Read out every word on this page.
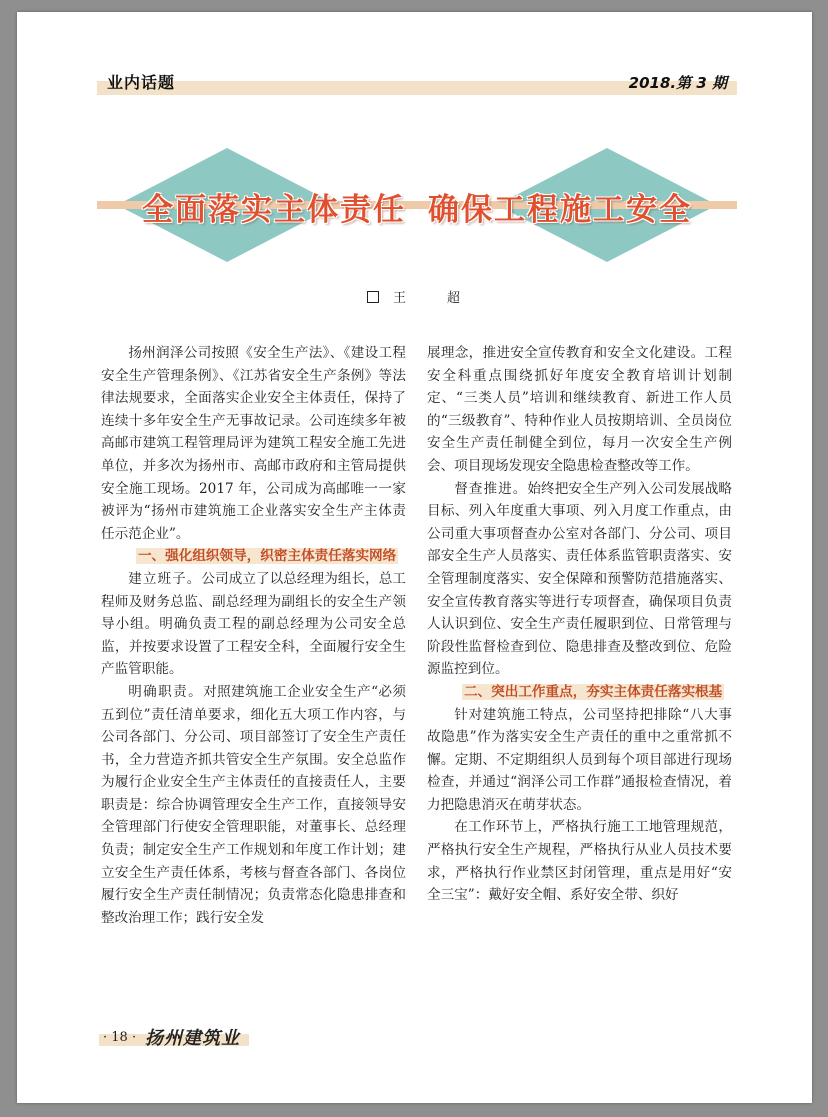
业内话题	2018.第 3 期
全面落实主体责任 确保工程施工安全
王　超

扬州润泽公司按照《安全生产法》、《建设工程安全生产管理条例》、《江苏省安全生产条例》等法律法规要求，全面落实企业安全主体责任，保持了连续十多年安全生产无事故记录。公司连续多年被高邮市建筑工程管理局评为建筑工程安全施工先进单位，并多次为扬州市、高邮市政府和主管局提供安全施工现场。2017 年，公司成为高邮唯一一家被评为“扬州市建筑施工企业落实安全生产主体责任示范企业”。

一、强化组织领导，织密主体责任落实网络

建立班子。公司成立了以总经理为组长，总工程师及财务总监、副总经理为副组长的安全生产领导小组。明确负责工程的副总经理为公司安全总监，并按要求设置了工程安全科，全面履行安全生产监管职能。

明确职责。对照建筑施工企业安全生产“必须五到位”责任清单要求，细化五大项工作内容，与公司各部门、分公司、项目部签订了安全生产责任书，全力营造齐抓共管安全生产氛围。安全总监作为履行企业安全生产主体责任的直接责任人，主要职责是：综合协调管理安全生产工作，直接领导安全管理部门行使安全管理职能，对董事长、总经理负责；制定安全生产工作规划和年度工作计划；建立安全生产责任体系，考核与督查各部门、各岗位履行安全生产责任制情况；负责常态化隐患排查和整改治理工作；践行安全发

展理念，推进安全宣传教育和安全文化建设。工程安全科重点围绕抓好年度安全教育培训计划制定、“三类人员”培训和继续教育、新进工作人员的“三级教育”、特种作业人员按期培训、全员岗位安全生产责任制健全到位，每月一次安全生产例会、项目现场发现安全隐患检查整改等工作。

督查推进。始终把安全生产列入公司发展战略目标、列入年度重大事项、列入月度工作重点，由公司重大事项督查办公室对各部门、分公司、项目部安全生产人员落实、责任体系监管职责落实、安全管理制度落实、安全保障和预警防范措施落实、安全宣传教育落实等进行专项督查，确保项目负责人认识到位、安全生产责任履职到位、日常管理与阶段性监督检查到位、隐患排查及整改到位、危险源监控到位。

二、突出工作重点，夯实主体责任落实根基

针对建筑施工特点，公司坚持把排除“八大事故隐患”作为落实安全生产责任的重中之重常抓不懈。定期、不定期组织人员到每个项目部进行现场检查，并通过“润泽公司工作群”通报检查情况，着力把隐患消灭在萌芽状态。

在工作环节上，严格执行施工工地管理规范，严格执行安全生产规程，严格执行从业人员技术要求，严格执行作业禁区封闭管理，重点是用好“安全三宝”：戴好安全帽、系好安全带、织好

· 18 · 扬州建筑业
